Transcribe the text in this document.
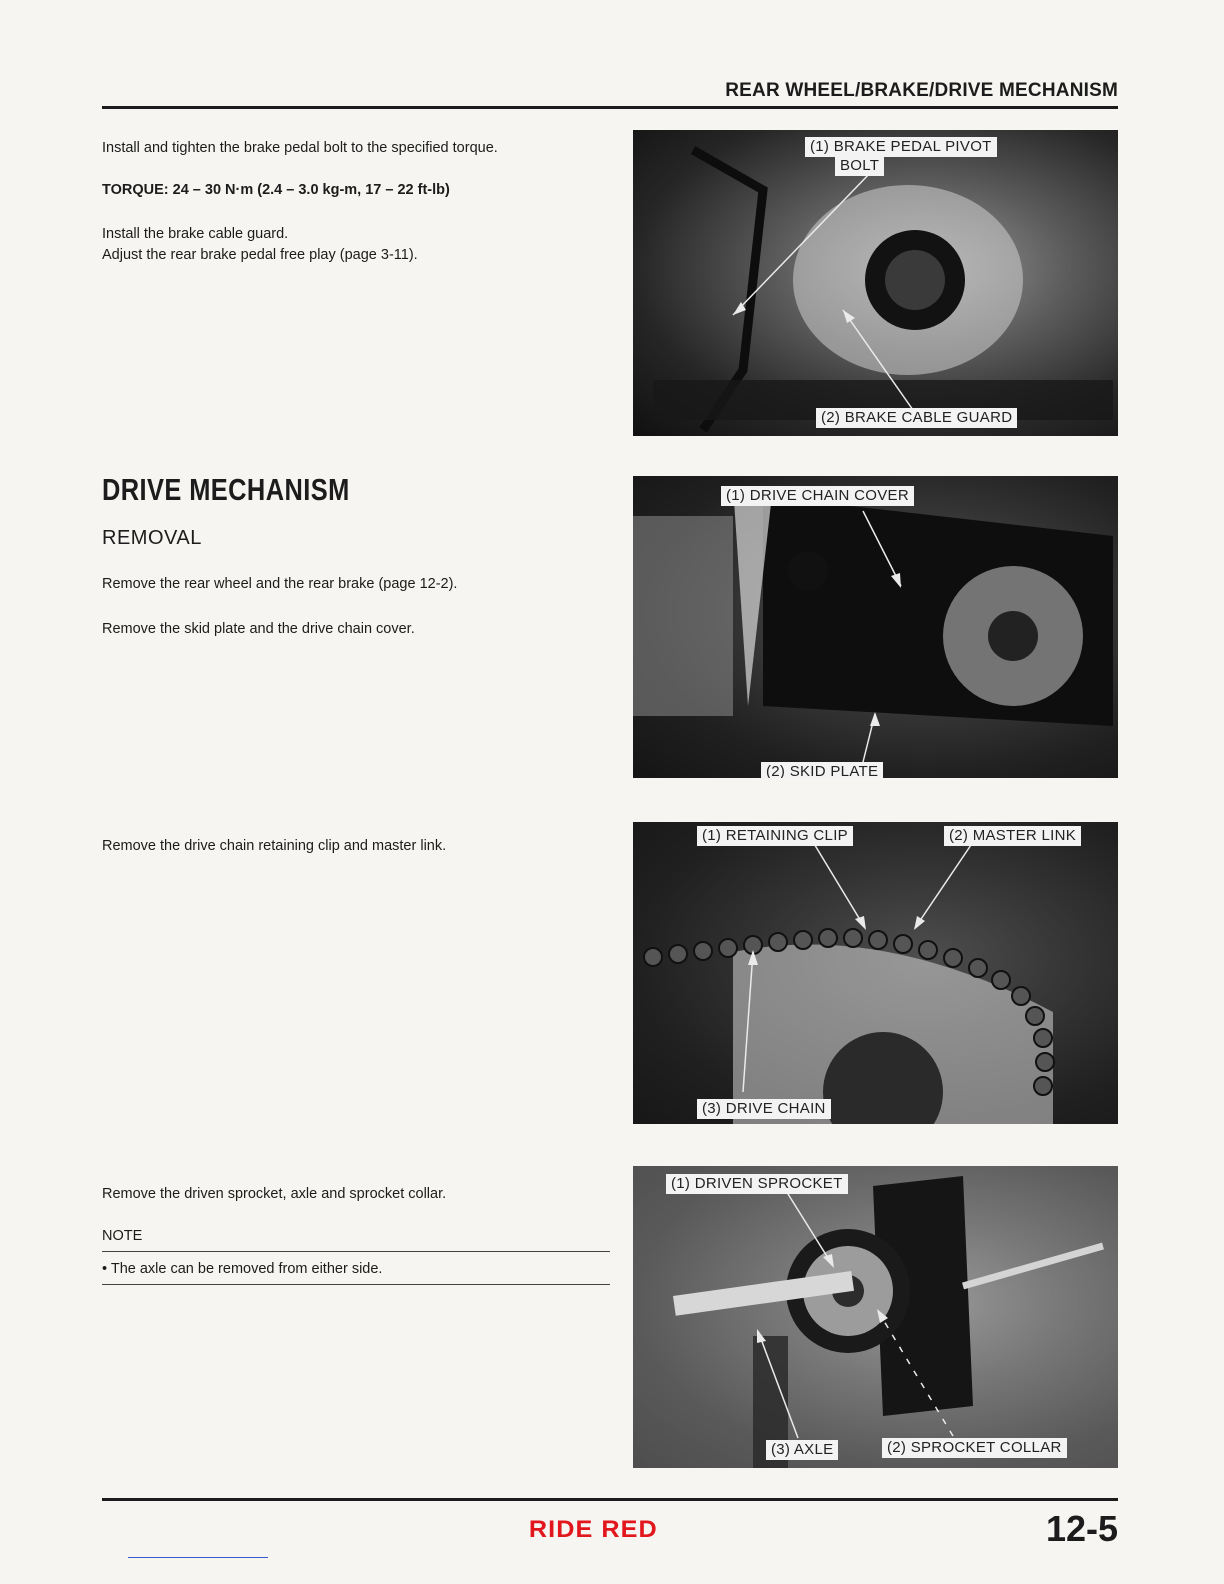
REAR WHEEL/BRAKE/DRIVE MECHANISM
Install and tighten the brake pedal bolt to the specified torque.
TORQUE: 24 – 30 N·m (2.4 – 3.0 kg-m, 17 – 22 ft-lb)
Install the brake cable guard.
Adjust the rear brake pedal free play (page 3-11).
(1) BRAKE PEDAL PIVOT
BOLT
(2) BRAKE CABLE GUARD
DRIVE MECHANISM
REMOVAL
Remove the rear wheel and the rear brake (page 12-2).
Remove the skid plate and the drive chain cover.
(1) DRIVE CHAIN COVER
(2) SKID PLATE
Remove the drive chain retaining clip and master link.
(1) RETAINING CLIP	(2) MASTER LINK
(3) DRIVE CHAIN
Remove the driven sprocket, axle and sprocket collar.
NOTE
• The axle can be removed from either side.
(1) DRIVEN SPROCKET
(2) SPROCKET COLLAR
(3) AXLE
RIDE RED	12-5
